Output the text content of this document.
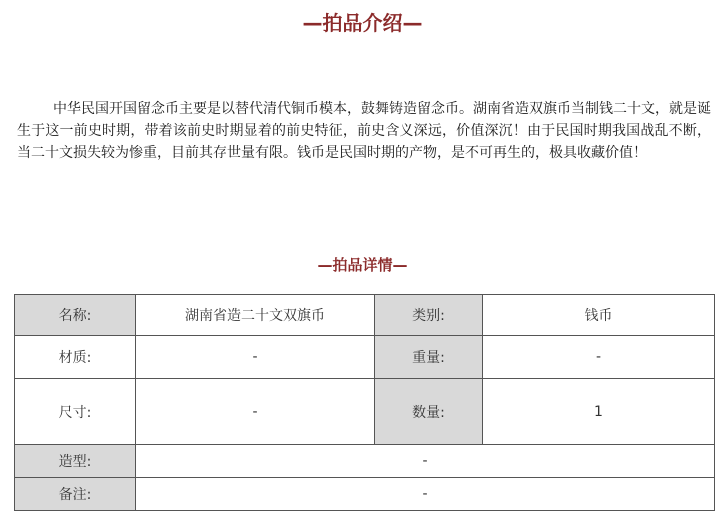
—拍品介绍—

中华民国开国留念币主要是以替代清代铜币模本，鼓舞铸造留念币。湖南省造双旗币当制钱二十文，就是诞生于这一前史时期，带着该前史时期显着的前史特征，前史含义深远，价值深沉！由于民国时期我国战乱不断，当二十文损失较为惨重，目前其存世量有限。钱币是民国时期的产物，是不可再生的，极具收藏价值！

—拍品详情—
名称:	湖南省造二十文双旗币	类别:	钱币
材质:	-	重量:	-
尺寸:	-	数量:	1
造型:	-		
备注:	-		
